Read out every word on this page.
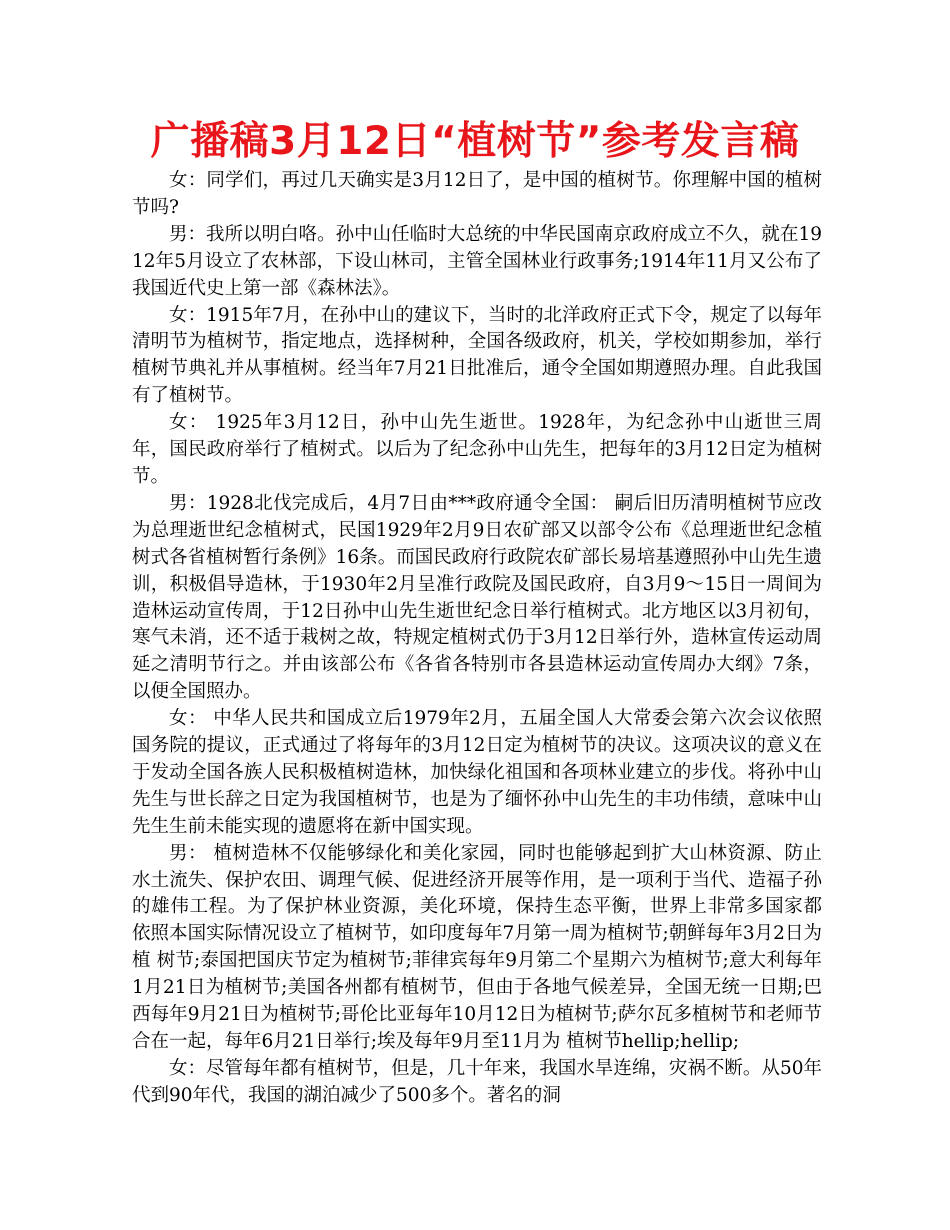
广播稿3月12日“植树节”参考发言稿

女：同学们，再过几天确实是3月12日了，是中国的植树节。你理解中国的植树节吗?

男：我所以明白咯。孙中山任临时大总统的中华民国南京政府成立不久，就在1912年5月设立了农林部，下设山林司，主管全国林业行政事务;1914年11月又公布了我国近代史上第一部《森林法》。

女：1915年7月，在孙中山的建议下，当时的北洋政府正式下令，规定了以每年清明节为植树节，指定地点，选择树种，全国各级政府，机关，学校如期参加，举行植树节典礼并从事植树。经当年7月21日批准后，通令全国如期遵照办理。自此我国有了植树节。

女： 1925年3月12日，孙中山先生逝世。1928年，为纪念孙中山逝世三周年，国民政府举行了植树式。以后为了纪念孙中山先生，把每年的3月12日定为植树节。

男：1928北伐完成后，4月7日由***政府通令全国： 嗣后旧历清明植树节应改为总理逝世纪念植树式，民国1929年2月9日农矿部又以部令公布《总理逝世纪念植树式各省植树暂行条例》16条。而国民政府行政院农矿部长易培基遵照孙中山先生遗训，积极倡导造林，于1930年2月呈准行政院及国民政府，自3月9～15日一周间为造林运动宣传周，于12日孙中山先生逝世纪念日举行植树式。北方地区以3月初旬，寒气未消，还不适于栽树之故，特规定植树式仍于3月12日举行外，造林宣传运动周延之清明节行之。并由该部公布《各省各特别市各县造林运动宣传周办大纲》7条，以便全国照办。

女： 中华人民共和国成立后1979年2月，五届全国人大常委会第六次会议依照国务院的提议，正式通过了将每年的3月12日定为植树节的决议。这项决议的意义在于发动全国各族人民积极植树造林，加快绿化祖国和各项林业建立的步伐。将孙中山先生与世长辞之日定为我国植树节，也是为了缅怀孙中山先生的丰功伟绩，意味中山先生生前未能实现的遗愿将在新中国实现。

男： 植树造林不仅能够绿化和美化家园，同时也能够起到扩大山林资源、防止水土流失、保护农田、调理气候、促进经济开展等作用，是一项利于当代、造福子孙的雄伟工程。为了保护林业资源，美化环境，保持生态平衡，世界上非常多国家都 依照本国实际情况设立了植树节，如印度每年7月第一周为植树节;朝鲜每年3月2日为植 树节;泰国把国庆节定为植树节;菲律宾每年9月第二个星期六为植树节;意大利每年1月21日为植树节;美国各州都有植树节，但由于各地气候差异，全国无统一日期;巴西每年9月21日为植树节;哥伦比亚每年10月12日为植树节;萨尔瓦多植树节和老师节合在一起，每年6月21日举行;埃及每年9月至11月为 植树节hellip;hellip;

女：尽管每年都有植树节，但是，几十年来，我国水旱连绵，灾祸不断。从50年代到90年代，我国的湖泊减少了500多个。著名的洞
